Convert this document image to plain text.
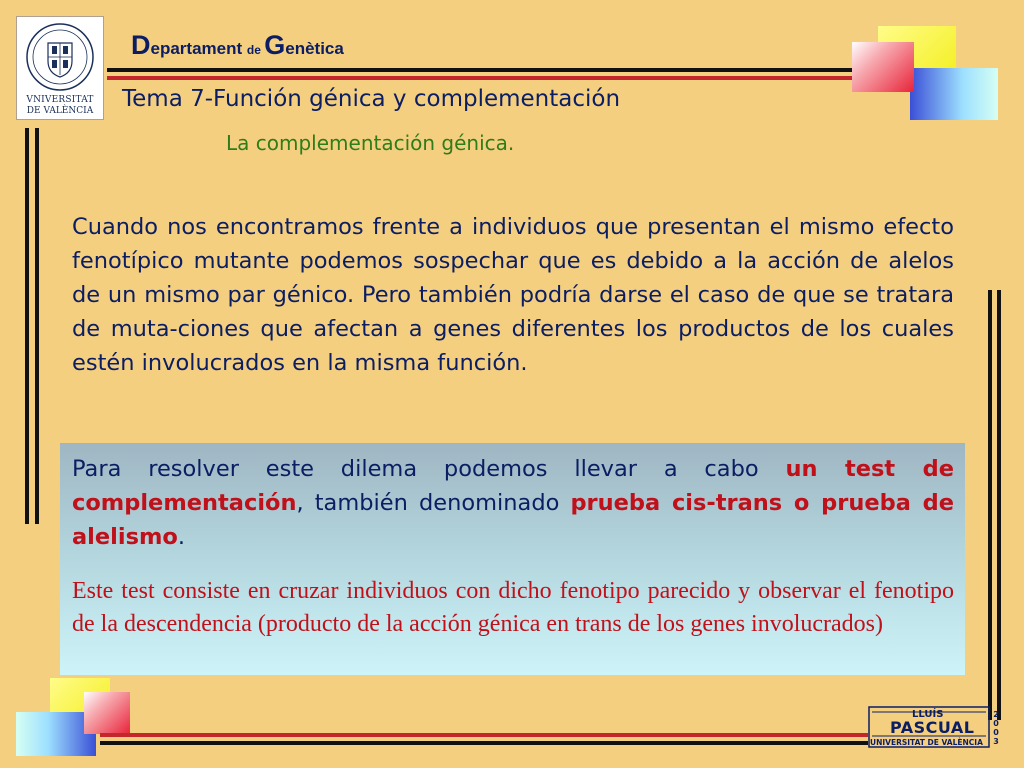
VNIVERSITAT
DE VALÈNCIA
Departament de Genètica
Tema 7-Función génica y complementación
La complementación génica.
Cuando nos encontramos frente a individuos que presentan el mismo efecto fenotípico mutante podemos sospechar que es debido a la acción de alelos de un mismo par génico. Pero también podría darse el caso de que se tratara de muta-ciones que afectan a genes diferentes los productos de los cuales estén involucrados en la misma función.
Para resolver este dilema podemos llevar a cabo un test de complementación, también denominado prueba cis-trans o prueba de alelismo.
Este test consiste en cruzar individuos con dicho fenotipo parecido y observar el fenotipo de la descendencia (producto de la acción génica en trans de los genes involucrados)
LLUÍS
PASCUAL
UNIVERSITAT DE VALÈNCIA
2
0
0
3
